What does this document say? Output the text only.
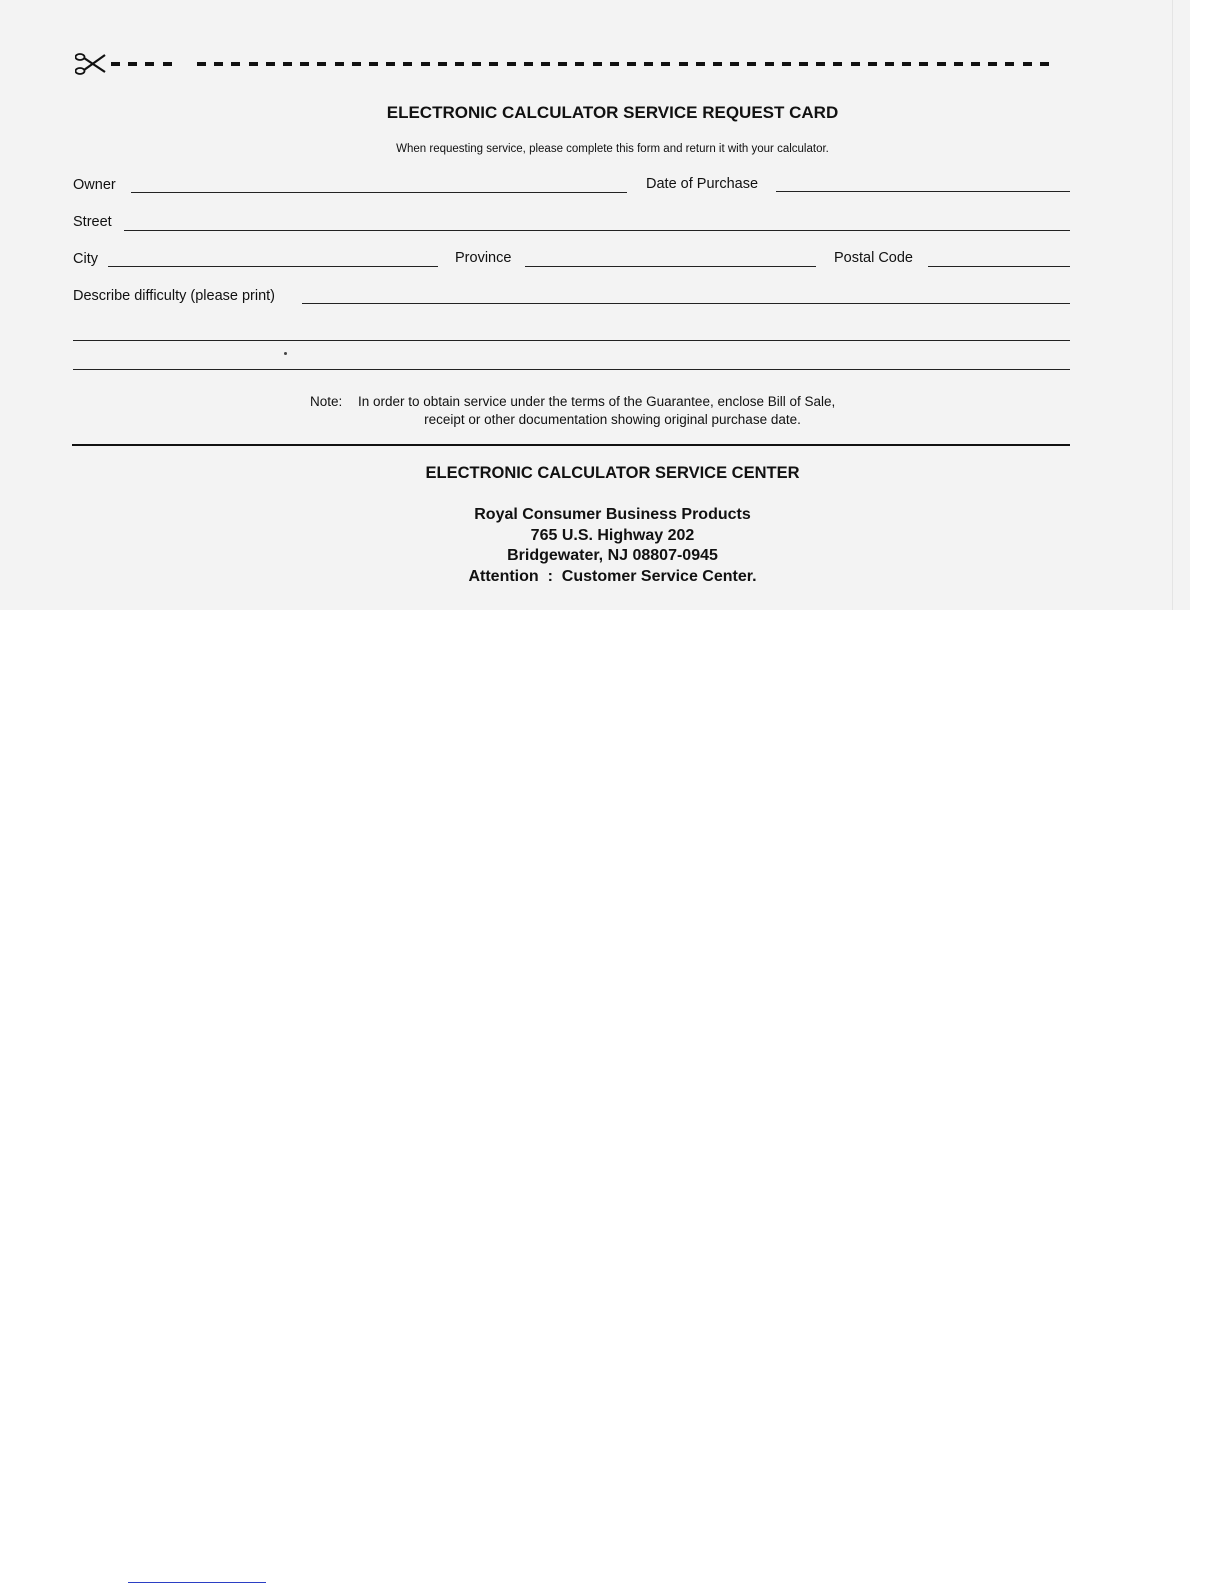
ELECTRONIC CALCULATOR SERVICE REQUEST CARD
When requesting service, please complete this form and return it with your calculator.
Owner	Date of Purchase
Street
City	Province	Postal Code
Describe difficulty (please print)
Note: In order to obtain service under the terms of the Guarantee, enclose Bill of Sale,
receipt or other documentation showing original purchase date.
ELECTRONIC CALCULATOR SERVICE CENTER
Royal Consumer Business Products
765 U.S. Highway 202
Bridgewater, NJ 08807-0945
Attention  :  Customer Service Center.
